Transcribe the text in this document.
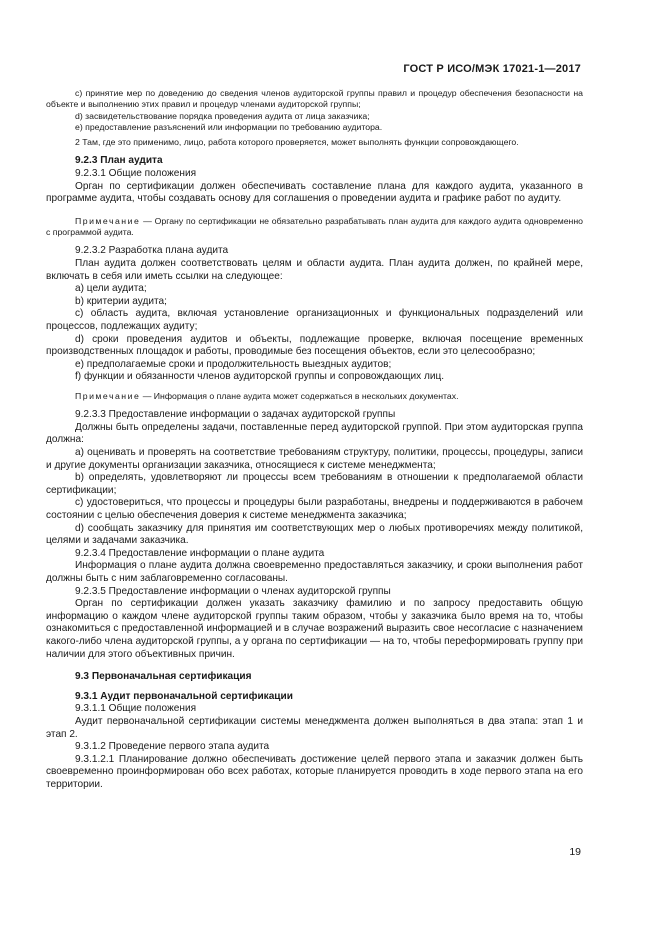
ГОСТ Р ИСО/МЭК 17021-1—2017

c) принятие мер по доведению до сведения членов аудиторской группы правил и процедур обеспечения безопасности на объекте и выполнению этих правил и процедур членами аудиторской группы;

d) засвидетельствование порядка проведения аудита от лица заказчика;

e) предоставление разъяснений или информации по требованию аудитора.

2 Там, где это применимо, лицо, работа которого проверяется, может выполнять функции сопровождающего.

9.2.3 План аудита

9.2.3.1 Общие положения

Орган по сертификации должен обеспечивать составление плана для каждого аудита, указанного в программе аудита, чтобы создавать основу для соглашения о проведении аудита и графике работ по аудиту.

Примечание — Органу по сертификации не обязательно разрабатывать план аудита для каждого аудита одновременно с программой аудита.

9.2.3.2 Разработка плана аудита

План аудита должен соответствовать целям и области аудита. План аудита должен, по крайней мере, включать в себя или иметь ссылки на следующее:

a) цели аудита;

b) критерии аудита;

c) область аудита, включая установление организационных и функциональных подразделений или процессов, подлежащих аудиту;

d) сроки проведения аудитов и объекты, подлежащие проверке, включая посещение временных производственных площадок и работы, проводимые без посещения объектов, если это целесообразно;

e) предполагаемые сроки и продолжительность выездных аудитов;

f) функции и обязанности членов аудиторской группы и сопровождающих лиц.

Примечание — Информация о плане аудита может содержаться в нескольких документах.

9.2.3.3 Предоставление информации о задачах аудиторской группы

Должны быть определены задачи, поставленные перед аудиторской группой. При этом аудиторская группа должна:

a) оценивать и проверять на соответствие требованиям структуру, политики, процессы, процедуры, записи и другие документы организации заказчика, относящиеся к системе менеджмента;

b) определять, удовлетворяют ли процессы всем требованиям в отношении к предполагаемой области сертификации;

c) удостовериться, что процессы и процедуры были разработаны, внедрены и поддерживаются в рабочем состоянии с целью обеспечения доверия к системе менеджмента заказчика;

d) сообщать заказчику для принятия им соответствующих мер о любых противоречиях между политикой, целями и задачами заказчика.

9.2.3.4 Предоставление информации о плане аудита

Информация о плане аудита должна своевременно предоставляться заказчику, и сроки выполнения работ должны быть с ним заблаговременно согласованы.

9.2.3.5 Предоставление информации о членах аудиторской группы

Орган по сертификации должен указать заказчику фамилию и по запросу предоставить общую информацию о каждом члене аудиторской группы таким образом, чтобы у заказчика было время на то, чтобы ознакомиться с предоставленной информацией и в случае возражений выразить свое несогласие с назначением какого-либо члена аудиторской группы, а у органа по сертификации — на то, чтобы переформировать группу при наличии для этого объективных причин.

9.3 Первоначальная сертификация

9.3.1 Аудит первоначальной сертификации

9.3.1.1 Общие положения

Аудит первоначальной сертификации системы менеджмента должен выполняться в два этапа: этап 1 и этап 2.

9.3.1.2 Проведение первого этапа аудита

9.3.1.2.1 Планирование должно обеспечивать достижение целей первого этапа и заказчик должен быть своевременно проинформирован обо всех работах, которые планируется проводить в ходе первого этапа на его территории.

19
